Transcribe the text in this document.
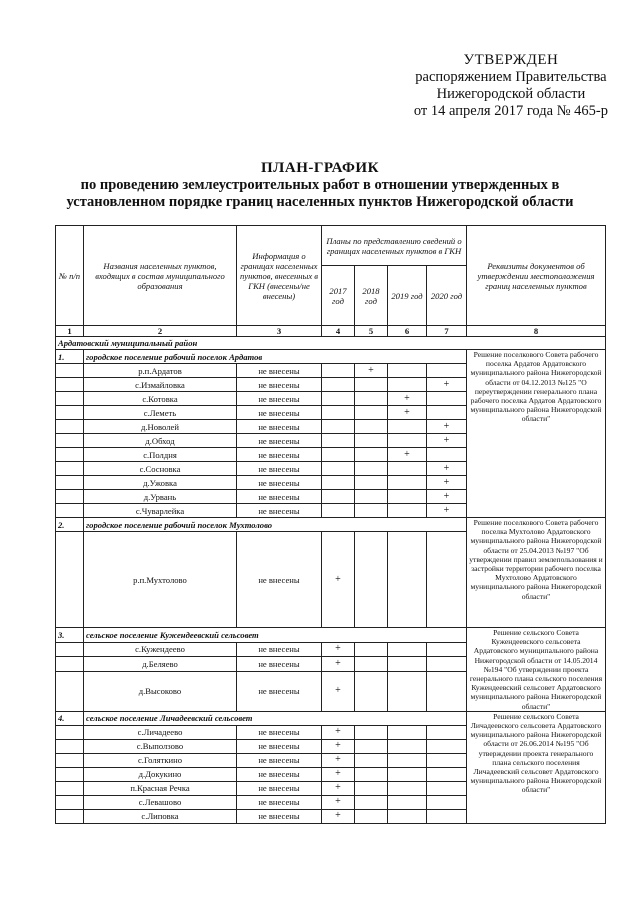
УТВЕРЖДЕН
распоряжением Правительства
Нижегородской области
от 14 апреля 2017 года № 465-р
ПЛАН-ГРАФИК
по проведению землеустроительных работ в отношении утвержденных в
установленном порядке границ населенных пунктов Нижегородской области
№ п/п	Названия населенных пунктов, входящих в состав муниципального образования	Информация о границах населенных пунктов, внесенных в ГКН (внесены/не внесены)	Планы по представлению сведений о границах населенных пунктов в ГКН				Реквизиты документов об утверждении местоположения границ населенных пунктов
			2017 год	2018 год	2019 год	2020 год	
1	2	3	4	5	6	7	8
Ардатовский муниципальный район							
1.	городское поселение рабочий поселок Ардатов						Решение поселкового Совета рабочего поселка Ардатов Ардатовского муниципального района Нижегородской области от 04.12.2013 №125 "О переутверждении генерального плана рабочего поселка Ардатов Ардатовского муниципального района Нижегородской области"
	р.п.Ардатов	не внесены		+			
	с.Измайловка	не внесены				+	
	с.Котовка	не внесены			+		
	с.Леметь	не внесены			+		
	д.Новолей	не внесены				+	
	д.Обход	не внесены				+	
	с.Полдня	не внесены			+		
	с.Сосновка	не внесены				+	
	д.Ужовка	не внесены				+	
	д.Урвань	не внесены				+	
	с.Чуварлейка	не внесены				+	
2.	городское поселение рабочий поселок Мухтолово						Решение поселкового Совета рабочего поселка Мухтолово Ардатовского муниципального района Нижегородской области от 25.04.2013 №197 "Об утверждении правил землепользования и застройки территории рабочего поселка Мухтолово Ардатовского муниципального района Нижегородской области"
	р.п.Мухтолово	не внесены	+				
3.	сельское поселение Кужендеевский сельсовет						Решение сельского Совета Кужендеевского сельсовета Ардатовского муниципального района Нижегородской области от 14.05.2014 №194 "Об утверждении проекта генерального плана сельского поселения Кужендеевский сельсовет Ардатовского муниципального района Нижегородской области"
	с.Кужендеево	не внесены	+				
	д.Беляево	не внесены	+				
	д.Высоково	не внесены	+				
4.	сельское поселение Личадеевский сельсовет						Решение сельского Совета Личадеевского сельсовета Ардатовского муниципального района Нижегородской области от 26.06.2014 №195 "Об утверждении проекта генерального плана сельского поселения Личадеевский сельсовет Ардатовского муниципального района Нижегородской области"
	с.Личадеево	не внесены	+				
	с.Выползово	не внесены	+				
	с.Голяткино	не внесены	+				
	д.Докукино	не внесены	+				
	п.Красная Речка	не внесены	+				
	с.Левашово	не внесены	+				
	с.Липовка	не внесены	+				
